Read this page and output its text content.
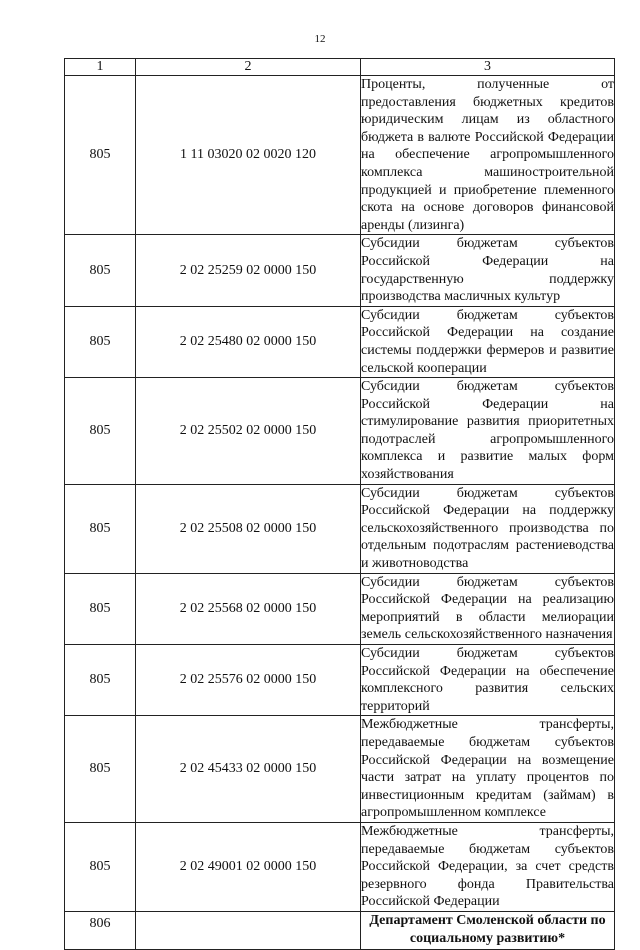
12
1	2	3
805	1 11 03020 02 0020 120	Проценты, полученные от предоставления бюджетных кредитов юридическим лицам из областного бюджета в валюте Российской Федерации на обеспечение агропромышленного комплекса машиностроительной продукцией и приобретение племенного скота на основе договоров финансовой аренды (лизинга)
805	2 02 25259 02 0000 150	Субсидии бюджетам субъектов Российской Федерации на государственную поддержку производства масличных культур
805	2 02 25480 02 0000 150	Субсидии бюджетам субъектов Российской Федерации на создание системы поддержки фермеров и развитие сельской кооперации
805	2 02 25502 02 0000 150	Субсидии бюджетам субъектов Российской Федерации на стимулирование развития приоритетных подотраслей агропромышленного комплекса и развитие малых форм хозяйствования
805	2 02 25508 02 0000 150	Субсидии бюджетам субъектов Российской Федерации на поддержку сельскохозяйственного производства по отдельным подотраслям растениеводства и животноводства
805	2 02 25568 02 0000 150	Субсидии бюджетам субъектов Российской Федерации на реализацию мероприятий в области мелиорации земель сельскохозяйственного назначения
805	2 02 25576 02 0000 150	Субсидии бюджетам субъектов Российской Федерации на обеспечение комплексного развития сельских территорий
805	2 02 45433 02 0000 150	Межбюджетные трансферты, передаваемые бюджетам субъектов Российской Федерации на возмещение части затрат на уплату процентов по инвестиционным кредитам (займам) в агропромышленном комплексе
805	2 02 49001 02 0000 150	Межбюджетные трансферты, передаваемые бюджетам субъектов Российской Федерации, за счет средств резервного фонда Правительства Российской Федерации
806		Департамент Смоленской области по социальному развитию*
